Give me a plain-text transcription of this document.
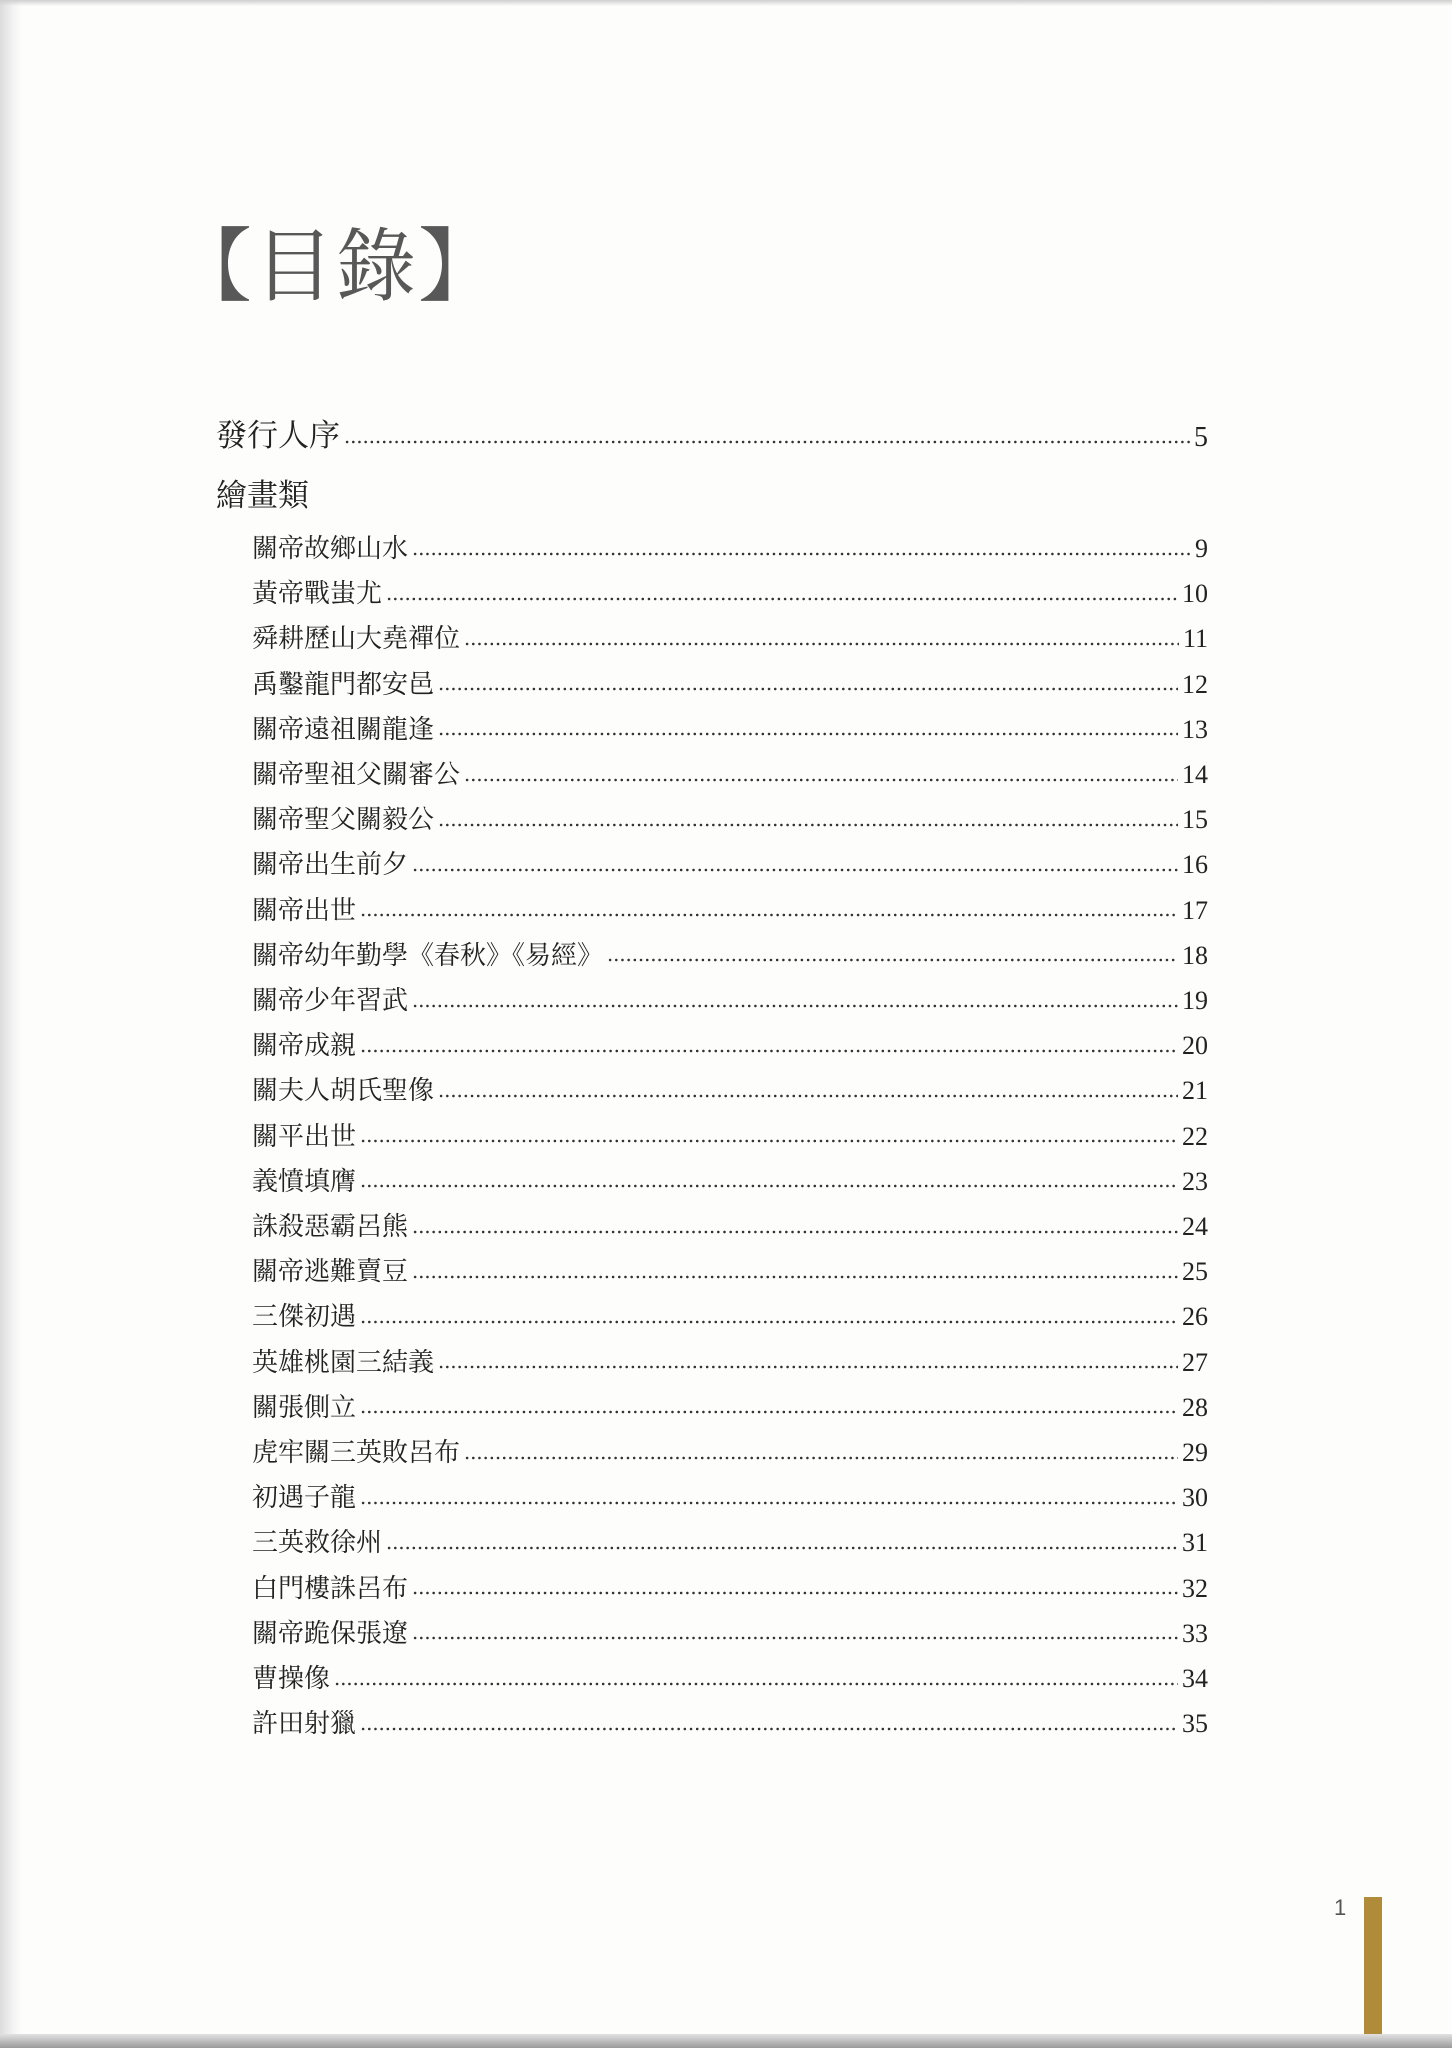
【目錄】
發行人序	5
繪畫類
關帝故鄉山水	9
黃帝戰蚩尤	10
舜耕歷山大堯禪位	11
禹鑿龍門都安邑	12
關帝遠祖關龍逢	13
關帝聖祖父關審公	14
關帝聖父關毅公	15
關帝出生前夕	16
關帝出世	17
關帝幼年勤學《春秋》《易經》	18
關帝少年習武	19
關帝成親	20
關夫人胡氏聖像	21
關平出世	22
義憤填膺	23
誅殺惡霸呂熊	24
關帝逃難賣豆	25
三傑初遇	26
英雄桃園三結義	27
關張側立	28
虎牢關三英敗呂布	29
初遇子龍	30
三英救徐州	31
白門樓誅呂布	32
關帝跪保張遼	33
曹操像	34
許田射獵	35
1
